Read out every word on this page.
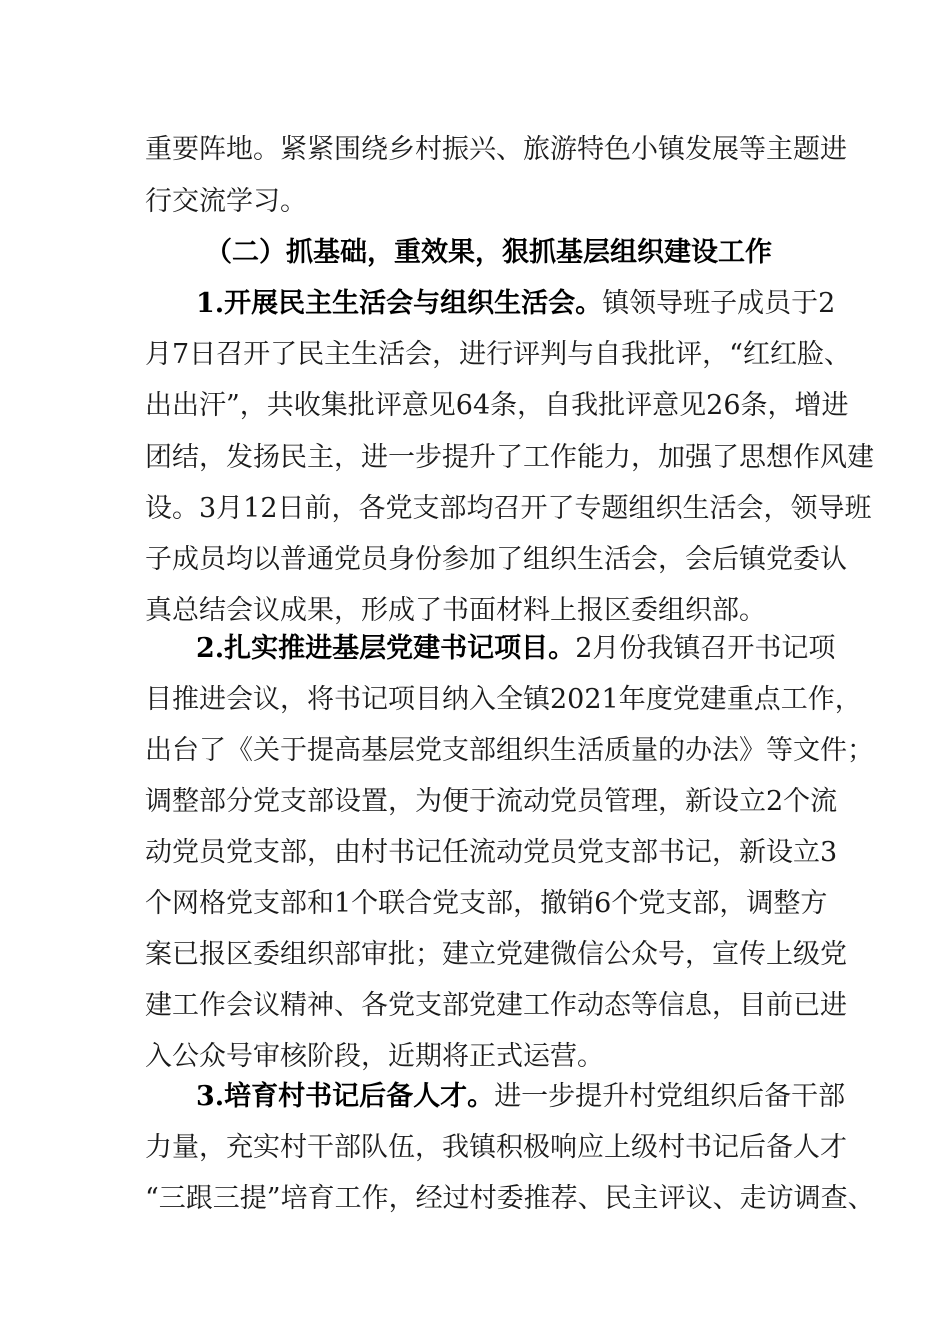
重要阵地。紧紧围绕乡村振兴、旅游特色小镇发展等主题进
行交流学习。
（二）抓基础，重效果，狠抓基层组织建设工作
1.开展民主生活会与组织生活会。镇领导班子成员于2
月7日召开了民主生活会，进行评判与自我批评，“红红脸、
出出汗”，共收集批评意见64条，自我批评意见26条，增进
团结，发扬民主，进一步提升了工作能力，加强了思想作风建
设。3月12日前，各党支部均召开了专题组织生活会，领导班
子成员均以普通党员身份参加了组织生活会，会后镇党委认
真总结会议成果，形成了书面材料上报区委组织部。
2.扎实推进基层党建书记项目。2月份我镇召开书记项
目推进会议，将书记项目纳入全镇2021年度党建重点工作，
出台了《关于提高基层党支部组织生活质量的办法》等文件；
调整部分党支部设置，为便于流动党员管理，新设立2个流
动党员党支部，由村书记任流动党员党支部书记，新设立3
个网格党支部和1个联合党支部，撤销6个党支部，调整方
案已报区委组织部审批；建立党建微信公众号，宣传上级党
建工作会议精神、各党支部党建工作动态等信息，目前已进
入公众号审核阶段，近期将正式运营。
3.培育村书记后备人才。进一步提升村党组织后备干部
力量，充实村干部队伍，我镇积极响应上级村书记后备人才
“三跟三提”培育工作，经过村委推荐、民主评议、走访调查、
